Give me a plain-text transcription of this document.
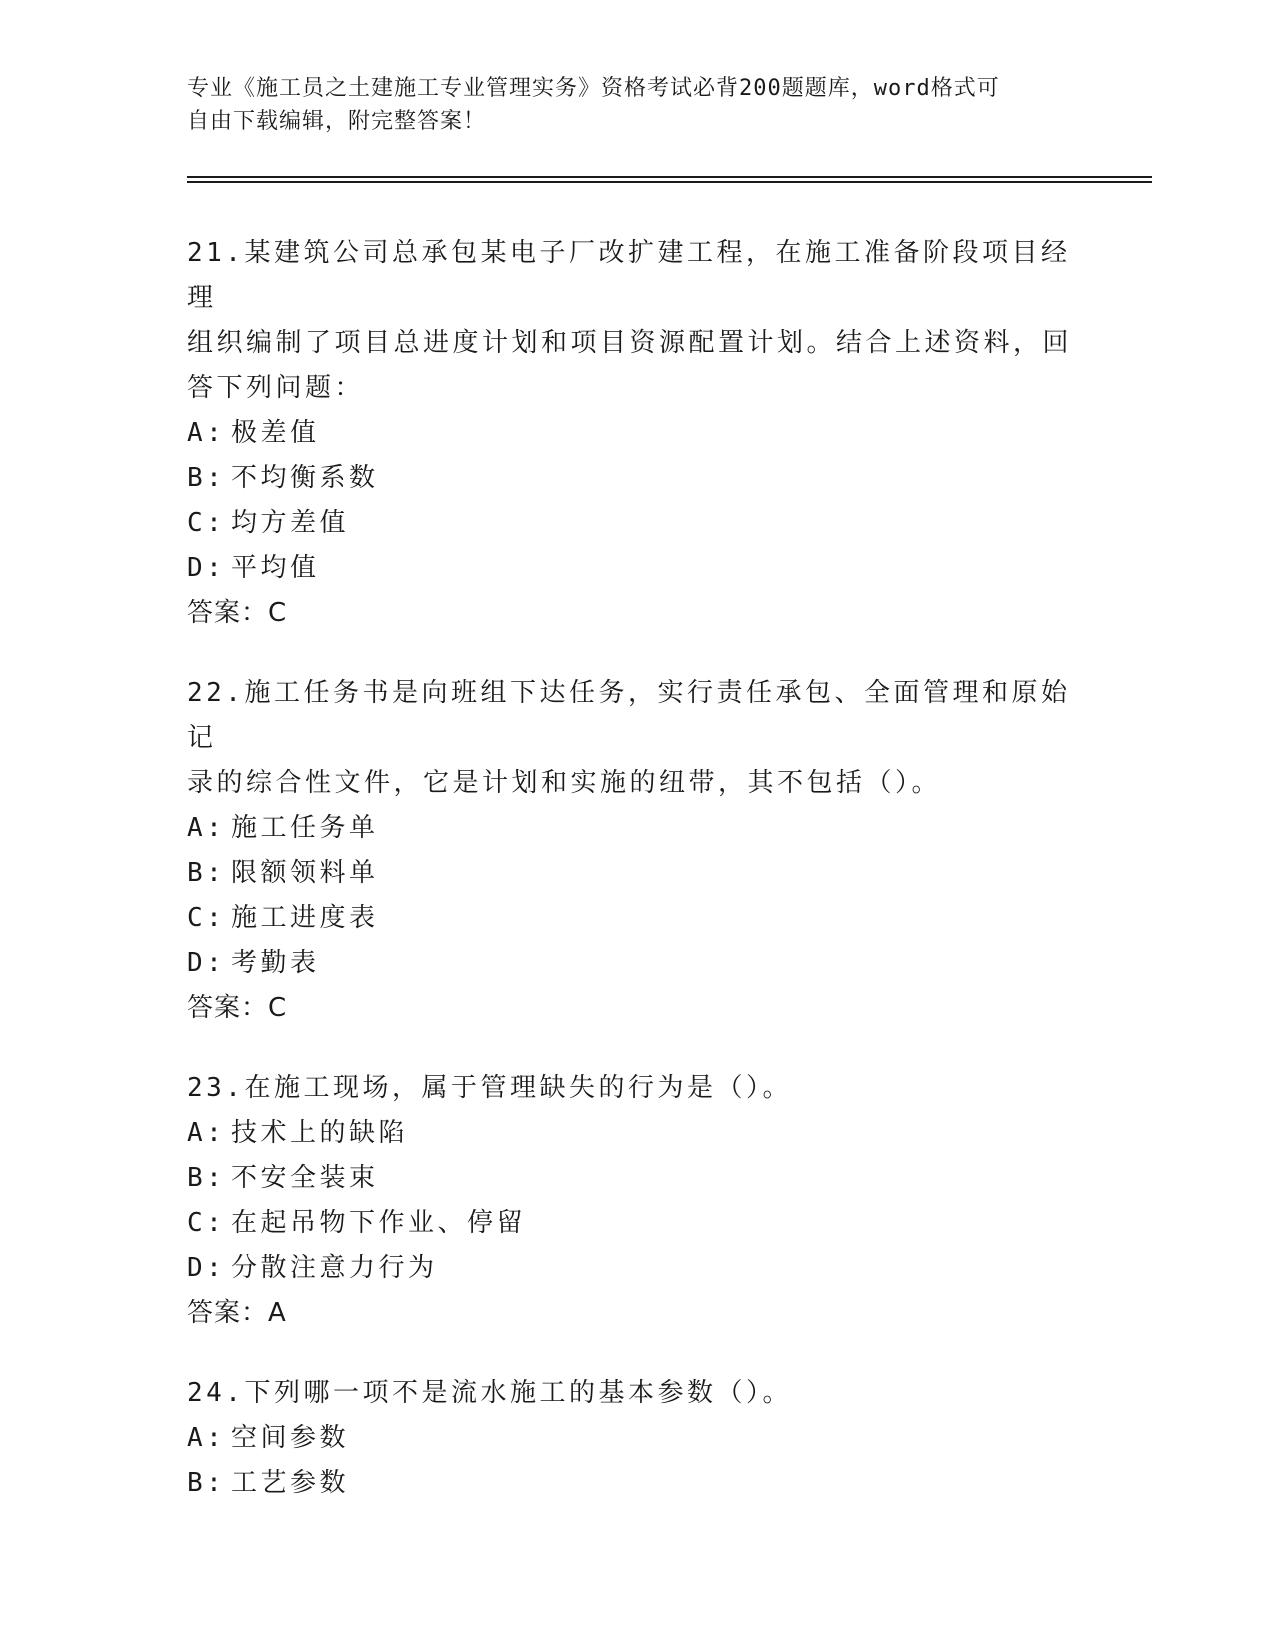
专业《施工员之土建施工专业管理实务》资格考试必背200题题库，word格式可
自由下载编辑，附完整答案！
21.某建筑公司总承包某电子厂改扩建工程，在施工准备阶段项目经理
组织编制了项目总进度计划和项目资源配置计划。结合上述资料，回
答下列问题：
A: 极差值
B: 不均衡系数
C: 均方差值
D: 平均值
答案：C
22.施工任务书是向班组下达任务，实行责任承包、全面管理和原始记
录的综合性文件，它是计划和实施的纽带，其不包括（）。
A: 施工任务单
B: 限额领料单
C: 施工进度表
D: 考勤表
答案：C
23.在施工现场，属于管理缺失的行为是（）。
A: 技术上的缺陷
B: 不安全装束
C: 在起吊物下作业、停留
D: 分散注意力行为
答案：A
24.下列哪一项不是流水施工的基本参数（）。
A: 空间参数
B: 工艺参数
